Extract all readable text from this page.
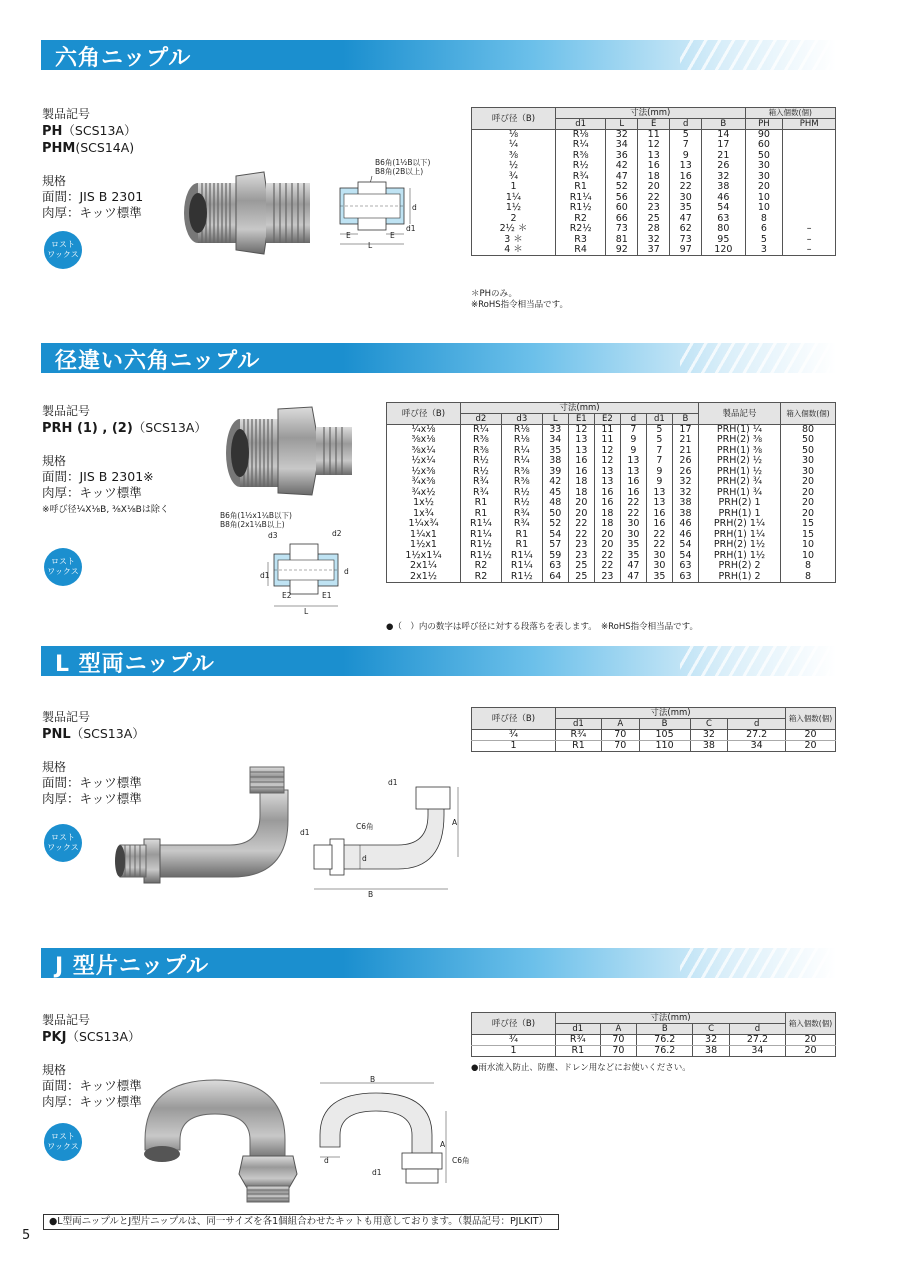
六角ニップル
製品記号
PH（SCS13A）
PHM(SCS14A)
規格
面間：JIS B 2301
肉厚：キッツ標準
ロスト
ワックス
B6角(1½B以下)
B8角(2B以上)
d
d1
E	E
L
呼び径（B)	寸法(mm)					箱入個数(個)	
	d1	L	E	d	B	PH	PHM
⅛	R⅛	32	11	5	14	90	
¼	R¼	34	12	7	17	60	
⅜	R⅜	36	13	9	21	50	
½	R½	42	16	13	26	30	
¾	R¾	47	18	16	32	30	
1	R1	52	20	22	38	20	
1¼	R1¼	56	22	30	46	10	
1½	R1½	60	23	35	54	10	
2	R2	66	25	47	63	8	
2½ ＊	R2½	73	28	62	80	6	–
3 ＊	R3	81	32	73	95	5	–
4 ＊	R4	92	37	97	120	3	–
＊PHのみ。
※RoHS指令相当品です。
径違い六角ニップル
製品記号
PRH (1) , (2)（SCS13A）
規格
面間：JIS B 2301※
肉厚：キッツ標準
※呼び径¼X⅛B, ⅜X⅛Bは除く
ロスト
ワックス
B6角(1½x1¼B以下)
B8角(2x1¼B以上)
d3	d2
d1	d
E2	E1
L
呼び径（B)	寸法(mm)								製品記号	箱入個数(個)
	d2	d3	L	E1	E2	d	d1	B		
¼x⅛	R¼	R⅛	33	12	11	7	5	17	PRH(1) ¼	80
⅜x⅛	R⅜	R⅛	34	13	11	9	5	21	PRH(2) ⅜	50
⅜x¼	R⅜	R¼	35	13	12	9	7	21	PRH(1) ⅜	50
½x¼	R½	R¼	38	16	12	13	7	26	PRH(2) ½	30
½x⅜	R½	R⅜	39	16	13	13	9	26	PRH(1) ½	30
¾x⅜	R¾	R⅜	42	18	13	16	9	32	PRH(2) ¾	20
¾x½	R¾	R½	45	18	16	16	13	32	PRH(1) ¾	20
1x½	R1	R½	48	20	16	22	13	38	PRH(2) 1	20
1x¾	R1	R¾	50	20	18	22	16	38	PRH(1) 1	20
1¼x¾	R1¼	R¾	52	22	18	30	16	46	PRH(2) 1¼	15
1¼x1	R1¼	R1	54	22	20	30	22	46	PRH(1) 1¼	15
1½x1	R1½	R1	57	23	20	35	22	54	PRH(2) 1½	10
1½x1¼	R1½	R1¼	59	23	22	35	30	54	PRH(1) 1½	10
2x1¼	R2	R1¼	63	25	22	47	30	63	PRH(2) 2	8
2x1½	R2	R1½	64	25	23	47	35	63	PRH(1) 2	8
●（　）内の数字は呼び径に対する段落ちを表します。　※RoHS指令相当品です。
L 型両ニップル
製品記号
PNL（SCS13A）
規格
面間：キッツ標準
肉厚：キッツ標準
ロスト
ワックス
d1
d1
C6角
d
A
B
呼び径（B)	寸法(mm)					箱入個数(個)
	d1	A	B	C	d	
¾	R¾	70	105	32	27.2	20
1	R1	70	110	38	34	20
J 型片ニップル
製品記号
PKJ（SCS13A）
規格
面間：キッツ標準
肉厚：キッツ標準
ロスト
ワックス
B
d
A
C6角
d1
呼び径（B)	寸法(mm)					箱入個数(個)
	d1	A	B	C	d	
¾	R¾	70	76.2	32	27.2	20
1	R1	70	76.2	38	34	20
●雨水流入防止、防塵、ドレン用などにお使いください。
●L型両ニップルとJ型片ニップルは、同一サイズを各1個組合わせたキットも用意しております。（製品記号：PJLKIT）
5
